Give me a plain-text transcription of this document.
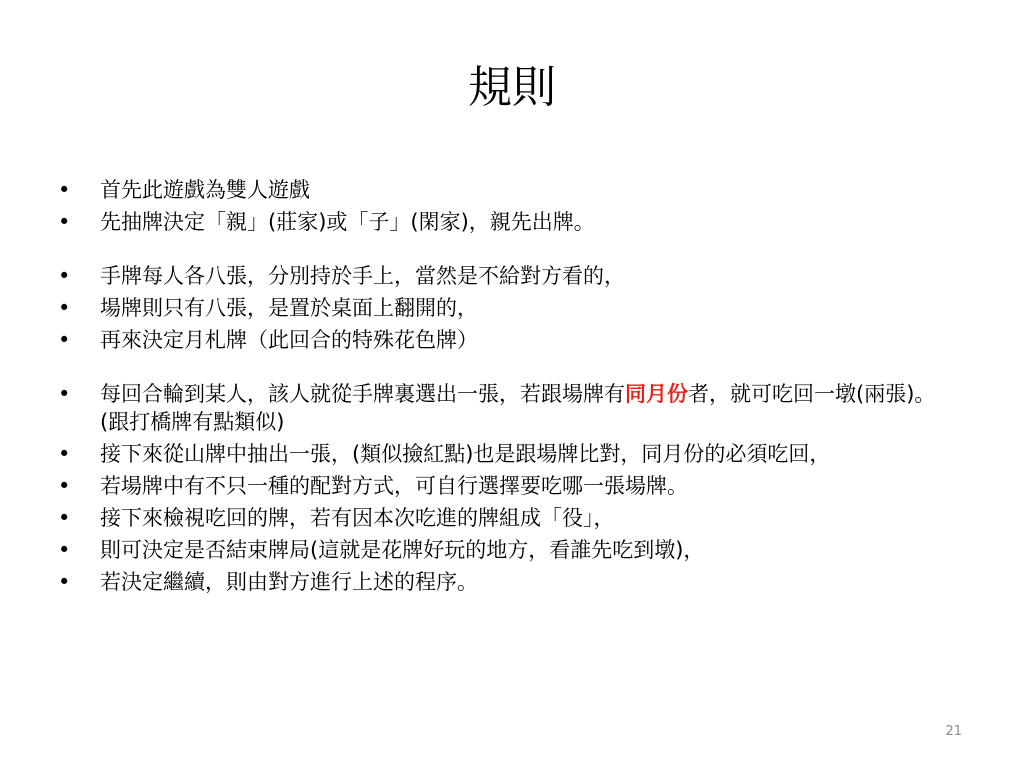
規則
•	首先此遊戲為雙人遊戲
•	先抽牌決定「親」(莊家)或「子」(閑家)，親先出牌。
•	手牌每人各八張，分別持於手上，當然是不給對方看的，
•	場牌則只有八張，是置於桌面上翻開的，
•	再來決定月札牌（此回合的特殊花色牌）
•	每回合輪到某人，該人就從手牌裏選出一張，若跟場牌有同月份者，就可吃回一墩(兩張)。(跟打橋牌有點類似)
•	接下來從山牌中抽出一張，(類似撿紅點)也是跟場牌比對，同月份的必須吃回，
•	若場牌中有不只一種的配對方式，可自行選擇要吃哪一張場牌。
•	接下來檢視吃回的牌，若有因本次吃進的牌組成「役」，
•	則可決定是否結束牌局(這就是花牌好玩的地方，看誰先吃到墩)，
•	若決定繼續，則由對方進行上述的程序。
21
